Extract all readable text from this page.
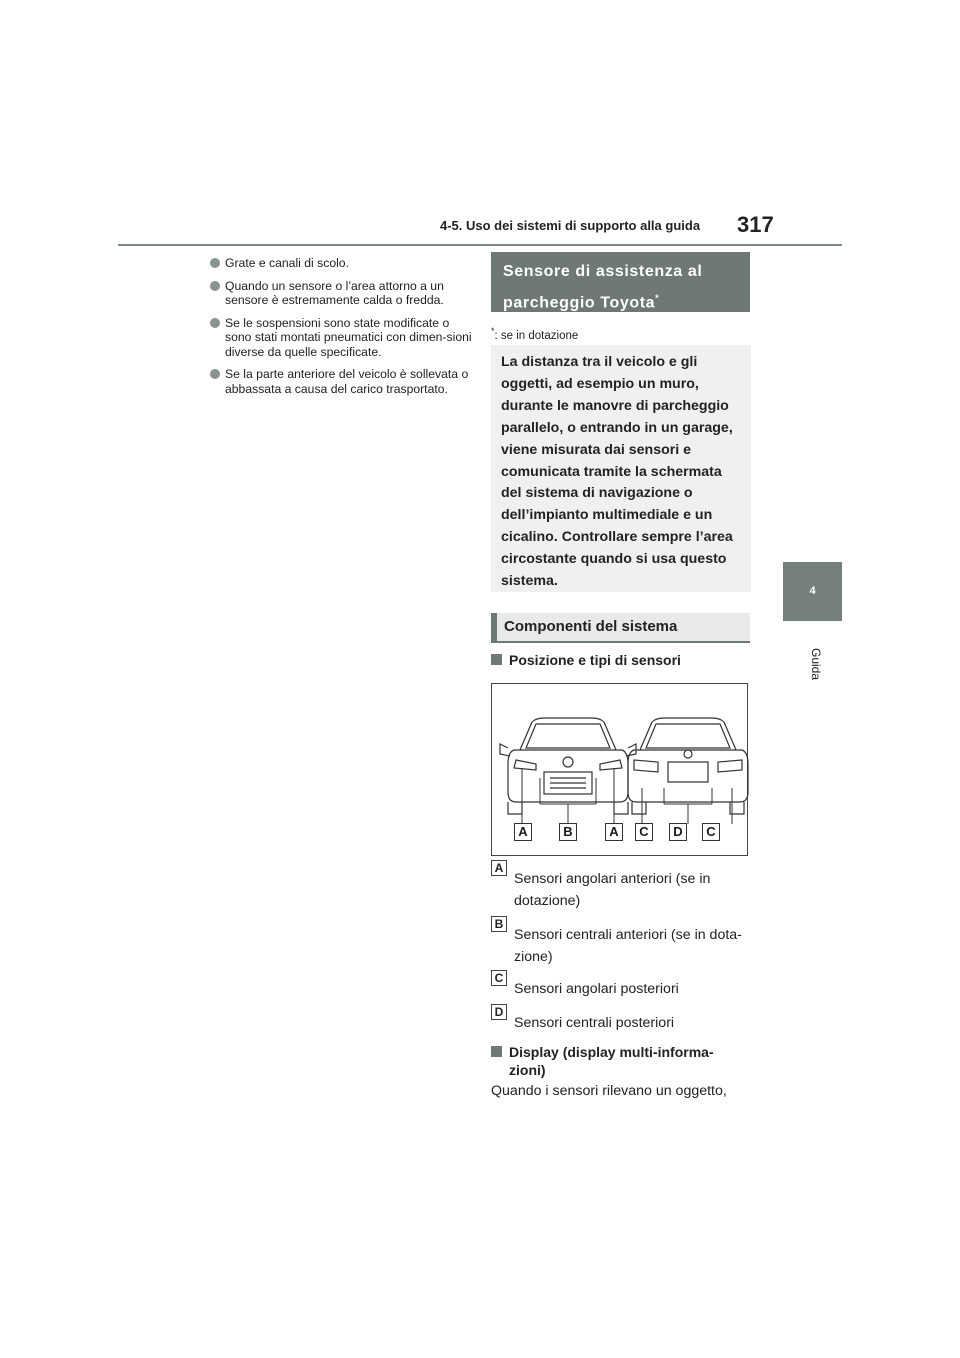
4-5. Uso dei sistemi di supporto alla guida 317
4
Guida
Grate e canali di scolo.
Quando un sensore o l’area attorno a un sensore è estremamente calda o fredda.
Se le sospensioni sono state modificate o sono stati montati pneumatici con dimen-sioni diverse da quelle specificate.
Se la parte anteriore del veicolo è sollevata o abbassata a causa del carico trasportato.
Sensore di assistenza al
parcheggio Toyota*
*: se in dotazione
La distanza tra il veicolo e gli oggetti, ad esempio un muro, durante le manovre di parcheggio parallelo, o entrando in un garage, viene misurata dai sensori e comunicata tramite la schermata del sistema di navigazione o dell’impianto multimediale e un cicalino. Controllare sempre l’area circostante quando si usa questo sistema.
Componenti del sistema
Posizione e tipi di sensori
A	B	A	C	D	C
A
Sensori angolari anteriori (se in dotazione)
B
Sensori centrali anteriori (se in dota-zione)
C
Sensori angolari posteriori
D
Sensori centrali posteriori
Display (display multi-informa-
zioni)
Quando i sensori rilevano un oggetto,
